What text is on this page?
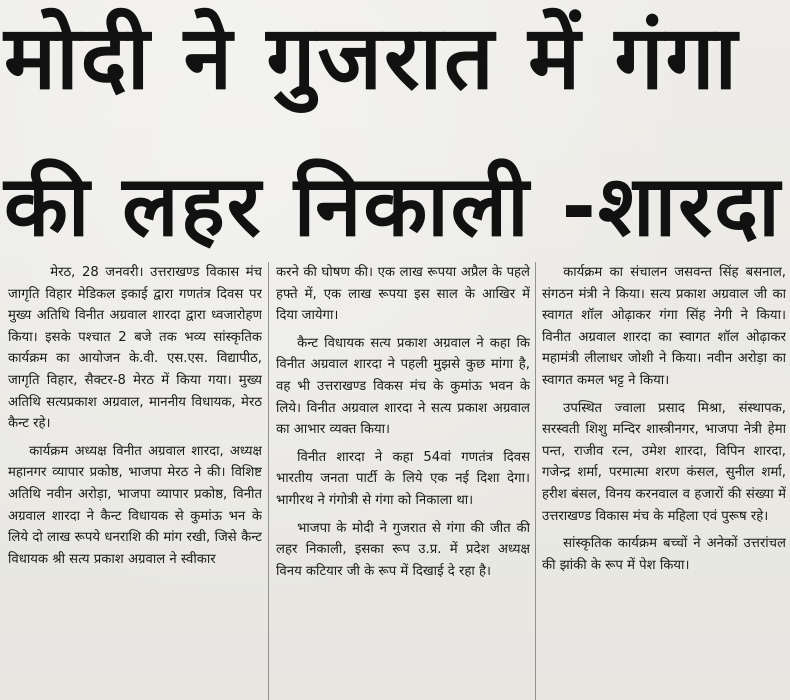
मोदी ने गुजरात में गंगा
की लहर निकाली -शारदा

मेरठ, 28 जनवरी। उत्तराखण्ड विकास मंच जागृति विहार मेडिकल इकाई द्वारा गणतंत्र दिवस पर मुख्य अतिथि विनीत अग्रवाल शारदा द्वारा ध्वजारोहण किया। इसके पश्चात 2 बजे तक भव्य सांस्कृतिक कार्यक्रम का आयोजन के.वी. एस.एस. विद्यापीठ, जागृति विहार, सैक्टर-8 मेरठ में किया गया। मुख्य अतिथि सत्यप्रकाश अग्रवाल, माननीय विधायक, मेरठ कैन्ट रहे।

कार्यक्रम अध्यक्ष विनीत अग्रवाल शारदा, अध्यक्ष महानगर व्यापार प्रकोष्ठ, भाजपा मेरठ ने की। विशिष्ट अतिथि नवीन अरोड़ा, भाजपा व्यापार प्रकोष्ठ, विनीत अग्रवाल शारदा ने कैन्ट विधायक से कुमांऊ भन के लिये दो लाख रूपये धनराशि की मांग रखी, जिसे कैन्ट विधायक श्री सत्य प्रकाश अग्रवाल ने स्वीकार

करने की घोषण की। एक लाख रूपया अप्रैल के पहले हफ्ते में, एक लाख रूपया इस साल के आखिर में दिया जायेगा।

कैन्ट विधायक सत्य प्रकाश अग्रवाल ने कहा कि विनीत अग्रवाल शारदा ने पहली मुझसे कुछ मांगा है, वह भी उत्तराखण्ड विकस मंच के कुमांऊ भवन के लिये। विनीत अग्रवाल शारदा ने सत्य प्रकाश अग्रवाल का आभार व्यक्त किया।

विनीत शारदा ने कहा 54वां गणतंत्र दिवस भारतीय जनता पार्टी के लिये एक नई दिशा देगा। भागीरथ ने गंगोत्री से गंगा को निकाला था।

भाजपा के मोदी ने गुजरात से गंगा की जीत की लहर निकाली, इसका रूप उ.प्र. में प्रदेश अध्यक्ष विनय कटियार जी के रूप में दिखाई दे रहा है।

कार्यक्रम का संचालन जसवन्त सिंह बसनाल, संगठन मंत्री ने किया। सत्य प्रकाश अग्रवाल जी का स्वागत शॉल ओढ़ाकर गंगा सिंह नेगी ने किया। विनीत अग्रवाल शारदा का स्वागत शॉल ओढ़ाकर महामंत्री लीलाधर जोशी ने किया। नवीन अरोड़ा का स्वागत कमल भट्ट ने किया।

उपस्थित ज्वाला प्रसाद मिश्रा, संस्थापक, सरस्वती शिशु मन्दिर शास्त्रीनगर, भाजपा नेत्री हेमा पन्त, राजीव रत्न, उमेश शारदा, विपिन शारदा, गजेन्द्र शर्मा, परमात्मा शरण कंसल, सुनील शर्मा, हरीश बंसल, विनय करनवाल व हजारों की संख्या में उत्तराखण्ड विकास मंच के महिला एवं पुरूष रहे।

सांस्कृतिक कार्यक्रम बच्चों ने अनेकों उत्तरांचल की झांकी के रूप में पेश किया।
